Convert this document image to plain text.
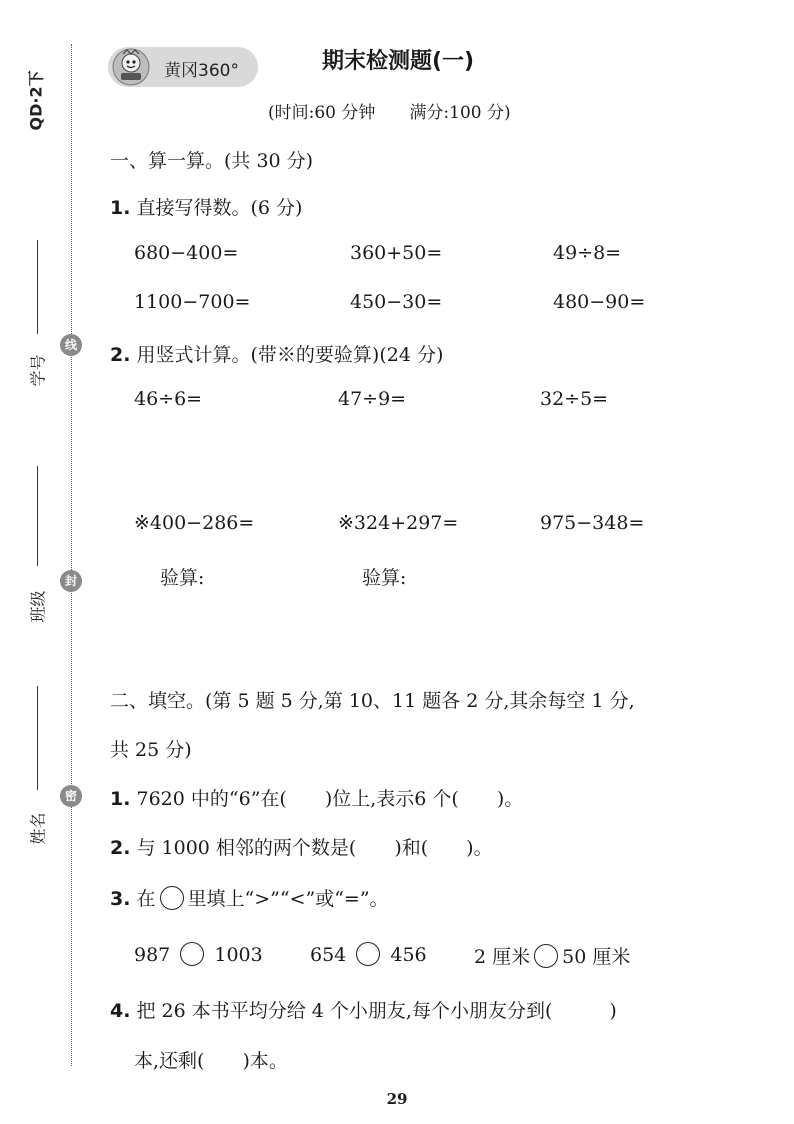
QD·2下
学号
线
班级
封
姓名
密
黄冈360°	期末检测题(一)
(时间:60 分钟　　满分:100 分)
一、算一算。(共 30 分)
1. 直接写得数。(6 分)
680−400=	360+50=	49÷8=
1100−700=	450−30=	480−90=
2. 用竖式计算。(带※的要验算)(24 分)
46÷6=	47÷9=	32÷5=
※400−286=	※324+297=	975−348=
验算:	验算:
二、填空。(第 5 题 5 分,第 10、11 题各 2 分,其余每空 1 分,
共 25 分)
1. 7620 中的“6”在(　　)位上,表示6 个(　　)。
2. 与 1000 相邻的两个数是(　　)和(　　)。
3. 在 里填上“>”“<”或“=”。
987 1003 654 456 2 厘米 50 厘米
4. 把 26 本书平均分给 4 个小朋友,每个小朋友分到(　　　)
本,还剩(　　)本。
29
